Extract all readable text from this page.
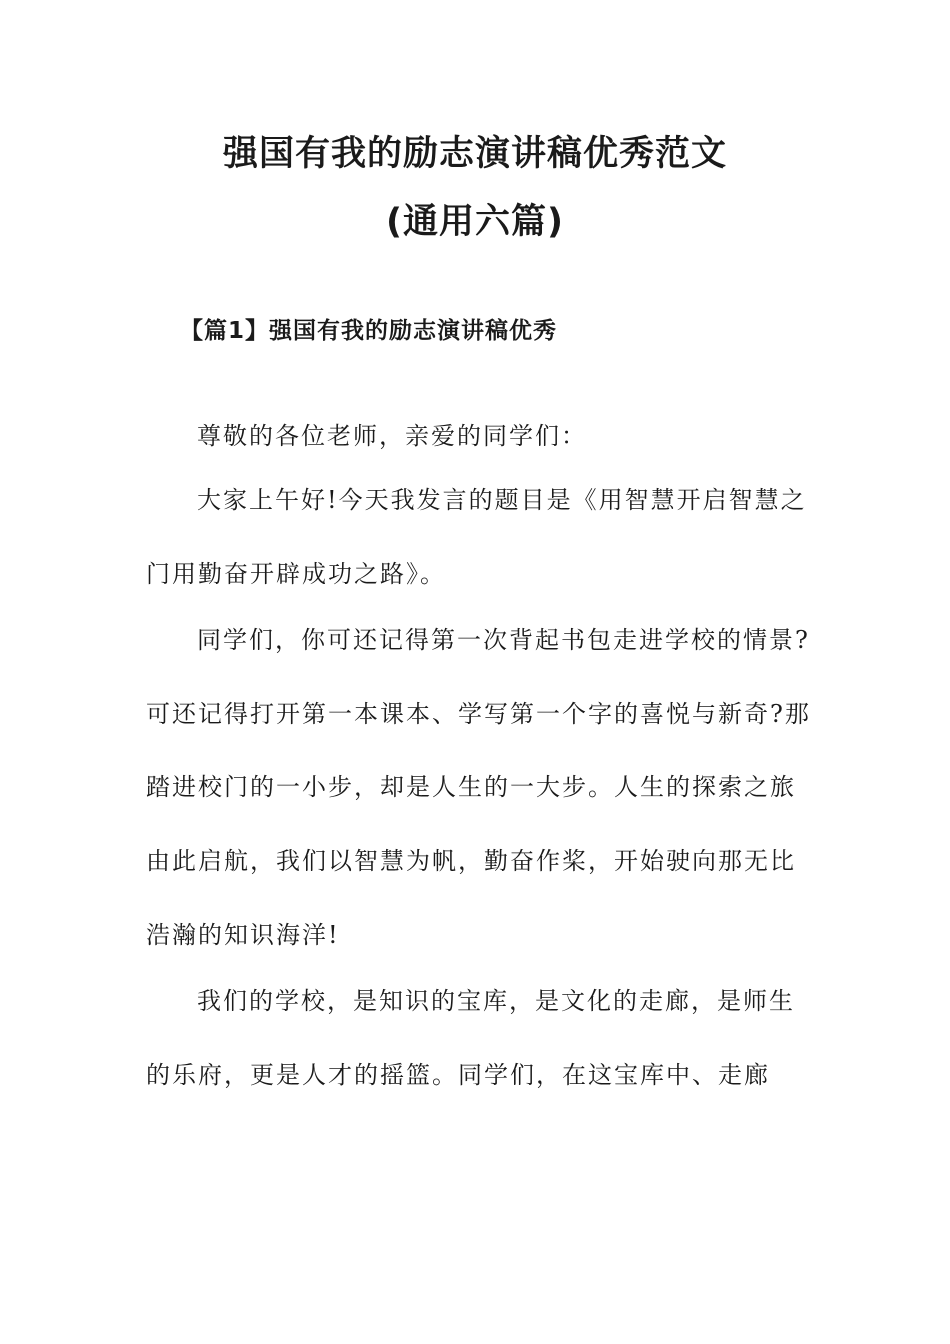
强国有我的励志演讲稿优秀范文
(通用六篇)
【篇1】强国有我的励志演讲稿优秀
尊敬的各位老师，亲爱的同学们：
大家上午好!今天我发言的题目是《用智慧开启智慧之
门用勤奋开辟成功之路》。
同学们，你可还记得第一次背起书包走进学校的情景?
可还记得打开第一本课本、学写第一个字的喜悦与新奇?那
踏进校门的一小步，却是人生的一大步。人生的探索之旅
由此启航，我们以智慧为帆，勤奋作桨，开始驶向那无比
浩瀚的知识海洋!
我们的学校，是知识的宝库，是文化的走廊，是师生
的乐府，更是人才的摇篮。同学们，在这宝库中、走廊
